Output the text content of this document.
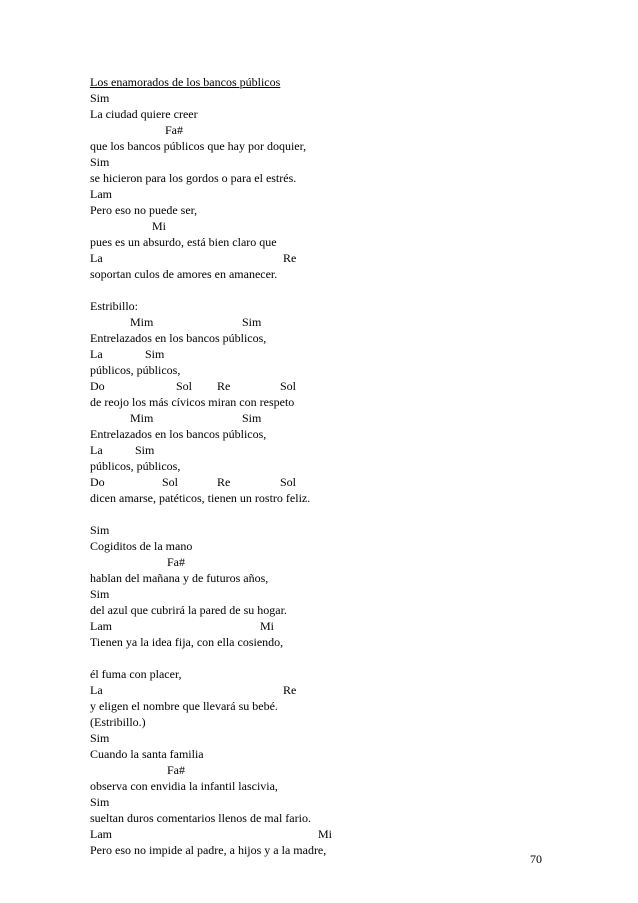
Los enamorados de los bancos públicos
Sim
La ciudad quiere creer
Fa#
que los bancos públicos que hay por doquier,
Sim
se hicieron para los gordos o para el estrés.
Lam
Pero eso no puede ser,
Mi
pues es un absurdo, está bien claro que
La	Re
soportan culos de amores en amanecer.
Estribillo:
Mim	Sim
Entrelazados en los bancos públicos,
La	Sim
públicos, públicos,
Do	Sol Re	Sol
de reojo los más cívicos miran con respeto
Mim	Sim
Entrelazados en los bancos públicos,
La	Sim
públicos, públicos,
Do	Sol	Re	Sol
dicen amarse, patéticos, tienen un rostro feliz.
Sim
Cogiditos de la mano
Fa#
hablan del mañana y de futuros años,
Sim
del azul que cubrirá la pared de su hogar.
Lam	Mi
Tienen ya la idea fija, con ella cosiendo,
él fuma con placer,
La	Re
y eligen el nombre que llevará su bebé.
(Estribillo.)
Sim
Cuando la santa familia
Fa#
observa con envidia la infantil lascivia,
Sim
sueltan duros comentarios llenos de mal fario.
Lam	Mi
Pero eso no impide al padre, a hijos y a la madre,
70
